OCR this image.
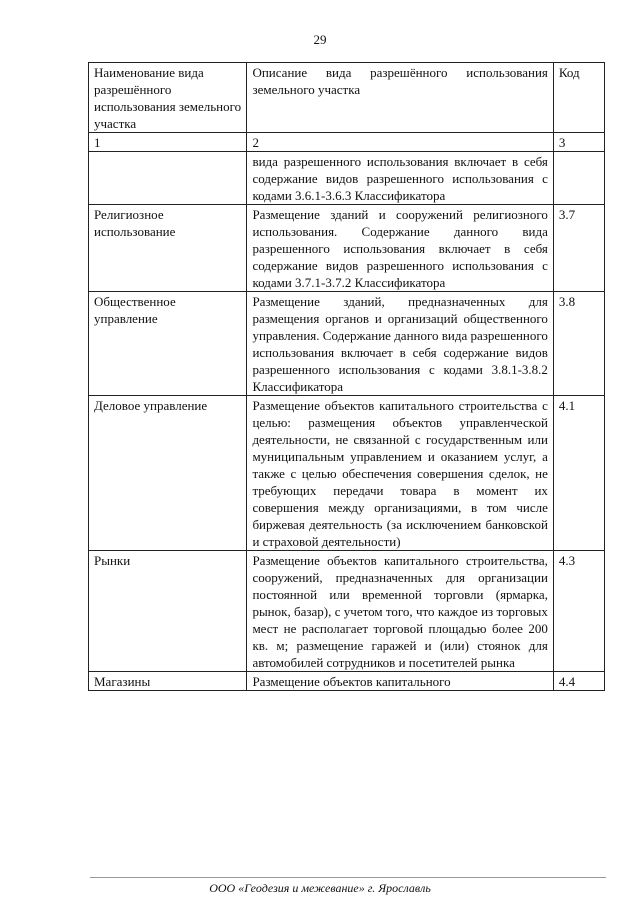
29
Наименование вида разрешённого использования земельного участка	Описание вида разрешённого использования земельного участка	Код
1	2	3
	вида разрешенного использования включает в себя содержание видов разрешенного использования с кодами 3.6.1-3.6.3 Классификатора	
Религиозное использование	Размещение зданий и сооружений религиозного использования. Содержание данного вида разрешенного использования включает в себя содержание видов разрешенного использования с кодами 3.7.1-3.7.2 Классификатора	3.7
Общественное управление	Размещение зданий, предназначенных для размещения органов и организаций общественного управления. Содержание данного вида разрешенного использования включает в себя содержание видов разрешенного использования с кодами 3.8.1-3.8.2 Классификатора	3.8
Деловое управление	Размещение объектов капитального строительства с целью: размещения объектов управленческой деятельности, не связанной с государственным или муниципальным управлением и оказанием услуг, а также с целью обеспечения совершения сделок, не требующих передачи товара в момент их совершения между организациями, в том числе биржевая деятельность (за исключением банковской и страховой деятельности)	4.1
Рынки	Размещение объектов капитального строительства, сооружений, предназначенных для организации постоянной или временной торговли (ярмарка, рынок, базар), с учетом того, что каждое из торговых мест не располагает торговой площадью более 200 кв. м; размещение гаражей и (или) стоянок для автомобилей сотрудников и посетителей рынка	4.3
Магазины	Размещение объектов капитального	4.4
ООО «Геодезия и межевание» г. Ярославль
